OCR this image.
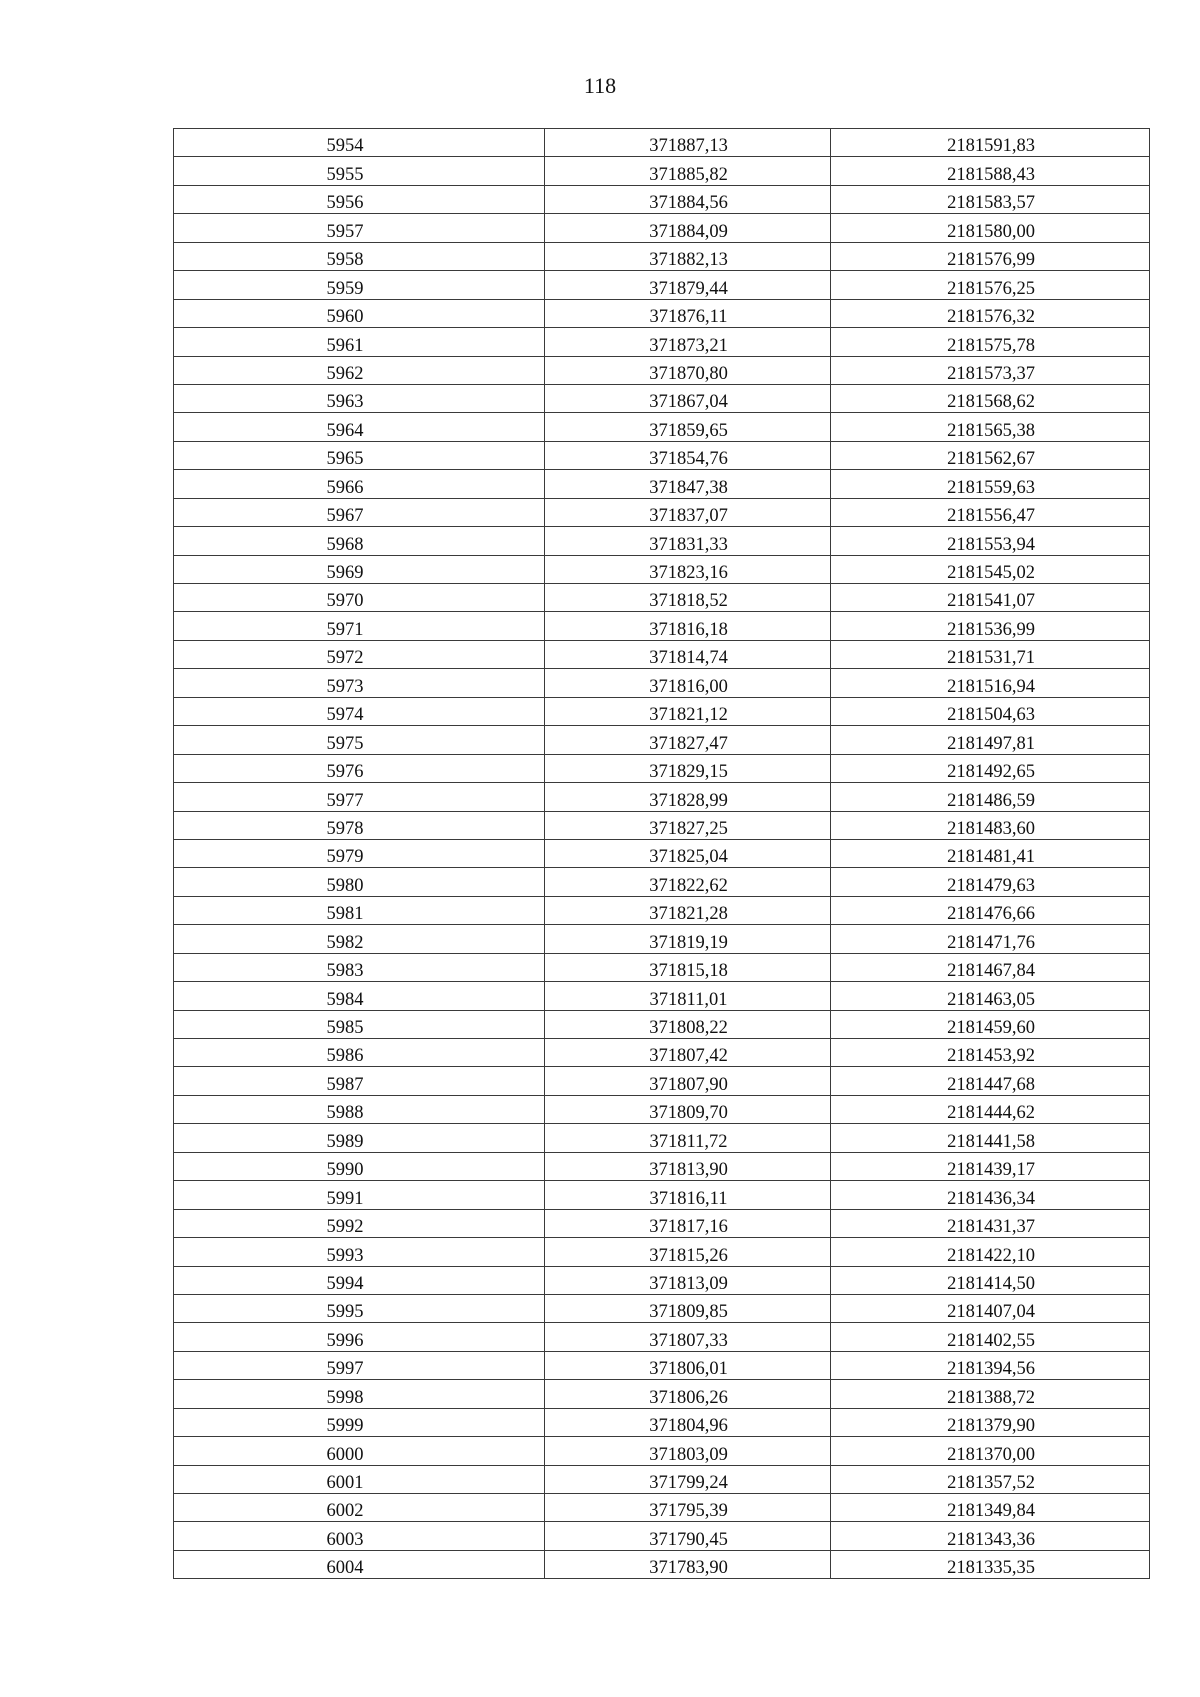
118
5954	371887,13	2181591,83

5955	371885,82	2181588,43

5956	371884,56	2181583,57

5957	371884,09	2181580,00

5958	371882,13	2181576,99

5959	371879,44	2181576,25

5960	371876,11	2181576,32

5961	371873,21	2181575,78

5962	371870,80	2181573,37

5963	371867,04	2181568,62

5964	371859,65	2181565,38

5965	371854,76	2181562,67

5966	371847,38	2181559,63

5967	371837,07	2181556,47

5968	371831,33	2181553,94

5969	371823,16	2181545,02

5970	371818,52	2181541,07

5971	371816,18	2181536,99

5972	371814,74	2181531,71

5973	371816,00	2181516,94

5974	371821,12	2181504,63

5975	371827,47	2181497,81

5976	371829,15	2181492,65

5977	371828,99	2181486,59

5978	371827,25	2181483,60

5979	371825,04	2181481,41

5980	371822,62	2181479,63

5981	371821,28	2181476,66

5982	371819,19	2181471,76

5983	371815,18	2181467,84

5984	371811,01	2181463,05

5985	371808,22	2181459,60

5986	371807,42	2181453,92

5987	371807,90	2181447,68

5988	371809,70	2181444,62

5989	371811,72	2181441,58

5990	371813,90	2181439,17

5991	371816,11	2181436,34

5992	371817,16	2181431,37

5993	371815,26	2181422,10

5994	371813,09	2181414,50

5995	371809,85	2181407,04

5996	371807,33	2181402,55

5997	371806,01	2181394,56

5998	371806,26	2181388,72

5999	371804,96	2181379,90

6000	371803,09	2181370,00

6001	371799,24	2181357,52

6002	371795,39	2181349,84

6003	371790,45	2181343,36

6004	371783,90	2181335,35
